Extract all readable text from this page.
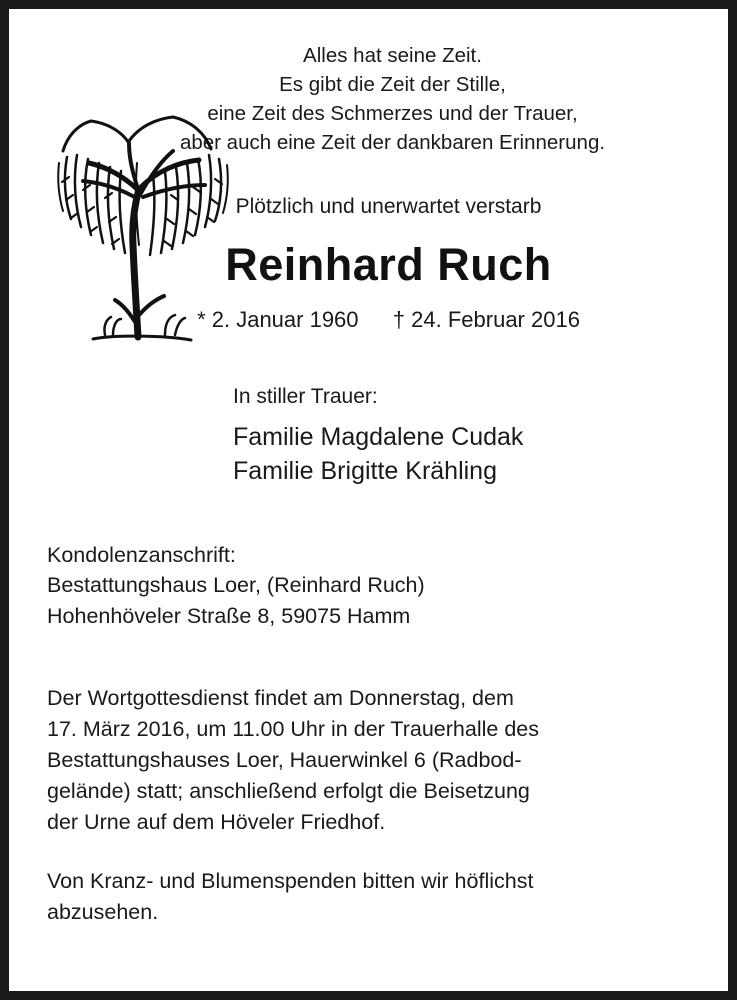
Alles hat seine Zeit.
Es gibt die Zeit der Stille,
eine Zeit des Schmerzes und der Trauer,
aber auch eine Zeit der dankbaren Erinnerung.
Plötzlich und unerwartet verstarb
Reinhard Ruch
* 2. Januar 1960 † 24. Februar 2016
In stiller Trauer:
Familie Magdalene Cudak
Familie Brigitte Krähling
Kondolenzanschrift:
Bestattungshaus Loer, (Reinhard Ruch)
Hohenhöveler Straße 8, 59075 Hamm
Der Wortgottesdienst findet am Donnerstag, dem
17. März 2016, um 11.00 Uhr in der Trauerhalle des
Bestattungshauses Loer, Hauerwinkel 6 (Radbod-
gelände) statt; anschließend erfolgt die Beisetzung
der Urne auf dem Höveler Friedhof.
Von Kranz- und Blumenspenden bitten wir höflichst
abzusehen.
